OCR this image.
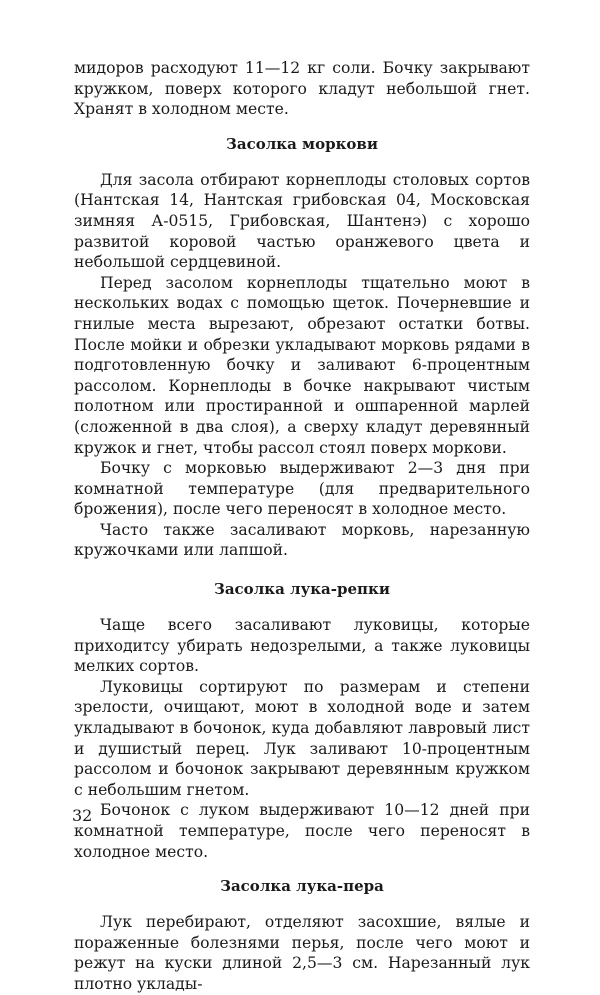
мидоров расходуют 11—12 кг соли. Бочку закрывают кружком, поверх которого кладут небольшой гнет. Хранят в холодном месте.

Засолка моркови

Для засола отбирают корнеплоды столовых сортов (Нантская 14, Нантская грибовская 04, Московская зимняя А-0515, Грибовская, Шантенэ) с хорошо развитой коровой частью оранжевого цвета и небольшой сердцевиной.

Перед засолом корнеплоды тщательно моют в нескольких водах с помощью щеток. Почерневшие и гнилые места вырезают, обрезают остатки ботвы. После мойки и обрезки укладывают морковь рядами в подготовленную бочку и заливают 6-процентным рассолом. Корнеплоды в бочке накрывают чистым полотном или простиранной и ошпаренной марлей (сложенной в два слоя), а сверху кладут деревянный кружок и гнет, чтобы рассол стоял поверх моркови.

Бочку с морковью выдерживают 2—3 дня при комнатной температуре (для предварительного брожения), после чего переносят в холодное место.

Часто также засаливают морковь, нарезанную кружочками или лапшой.

Засолка лука-репки

Чаще всего засаливают луковицы, которые приходитсу убирать недозрелыми, а также луковицы мелких сортов.

Луковицы сортируют по размерам и степени зрелости, очищают, моют в холодной воде и затем укладывают в бочонок, куда добавляют лавровый лист и душистый перец. Лук заливают 10-процентным рассолом и бочонок закрывают деревянным кружком с небольшим гнетом.

Бочонок с луком выдерживают 10—12 дней при комнатной температуре, после чего переносят в холодное место.

Засолка лука-пера

Лук перебирают, отделяют засохшие, вялые и пораженные болезнями перья, после чего моют и режут на куски длиной 2,5—3 см. Нарезанный лук плотно уклады-

32
